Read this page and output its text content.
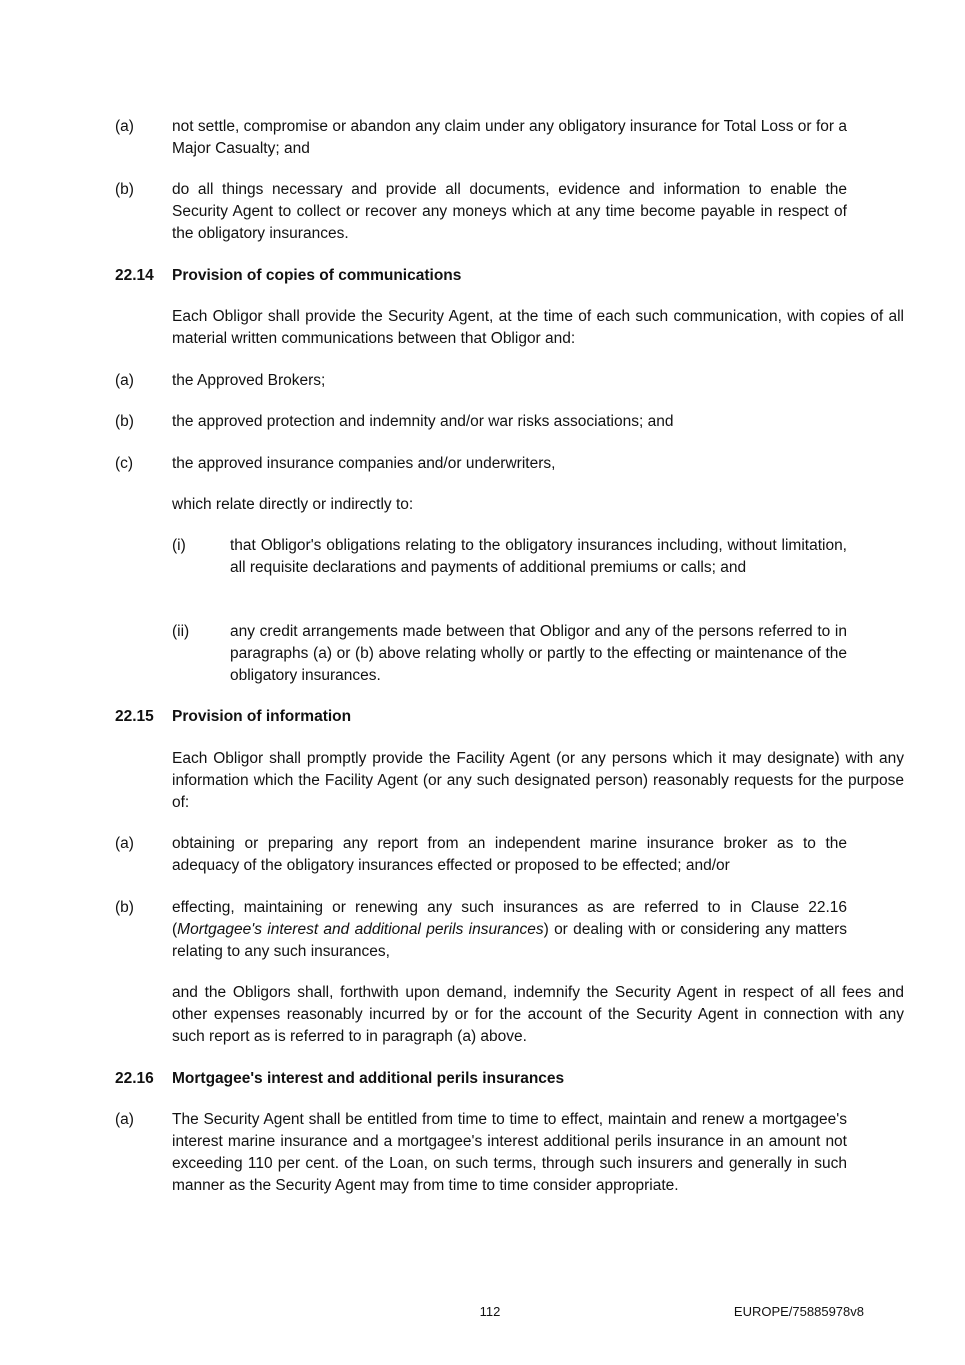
(a)	not settle, compromise or abandon any claim under any obligatory insurance for Total Loss or for a Major Casualty; and
(b)	do all things necessary and provide all documents, evidence and information to enable the Security Agent to collect or recover any moneys which at any time become payable in respect of the obligatory insurances.
22.14	Provision of copies of communications
Each Obligor shall provide the Security Agent, at the time of each such communication, with copies of all material written communications between that Obligor and:
(a)	the Approved Brokers;
(b)	the approved protection and indemnity and/or war risks associations; and
(c)	the approved insurance companies and/or underwriters,
which relate directly or indirectly to:
(i)	that Obligor's obligations relating to the obligatory insurances including, without limitation, all requisite declarations and payments of additional premiums or calls; and
(ii)	any credit arrangements made between that Obligor and any of the persons referred to in paragraphs (a) or (b) above relating wholly or partly to the effecting or maintenance of the obligatory insurances.
22.15	Provision of information
Each Obligor shall promptly provide the Facility Agent (or any persons which it may designate) with any information which the Facility Agent (or any such designated person) reasonably requests for the purpose of:
(a)	obtaining or preparing any report from an independent marine insurance broker as to the adequacy of the obligatory insurances effected or proposed to be effected; and/or
(b)	effecting, maintaining or renewing any such insurances as are referred to in Clause 22.16 (Mortgagee's interest and additional perils insurances) or dealing with or considering any matters relating to any such insurances,
and the Obligors shall, forthwith upon demand, indemnify the Security Agent in respect of all fees and other expenses reasonably incurred by or for the account of the Security Agent in connection with any such report as is referred to in paragraph (a) above.
22.16	Mortgagee's interest and additional perils insurances
(a)	The Security Agent shall be entitled from time to time to effect, maintain and renew a mortgagee's interest marine insurance and a mortgagee's interest additional perils insurance in an amount not exceeding 110 per cent. of the Loan, on such terms, through such insurers and generally in such manner as the Security Agent may from time to time consider appropriate.
112	EUROPE/75885978v8
